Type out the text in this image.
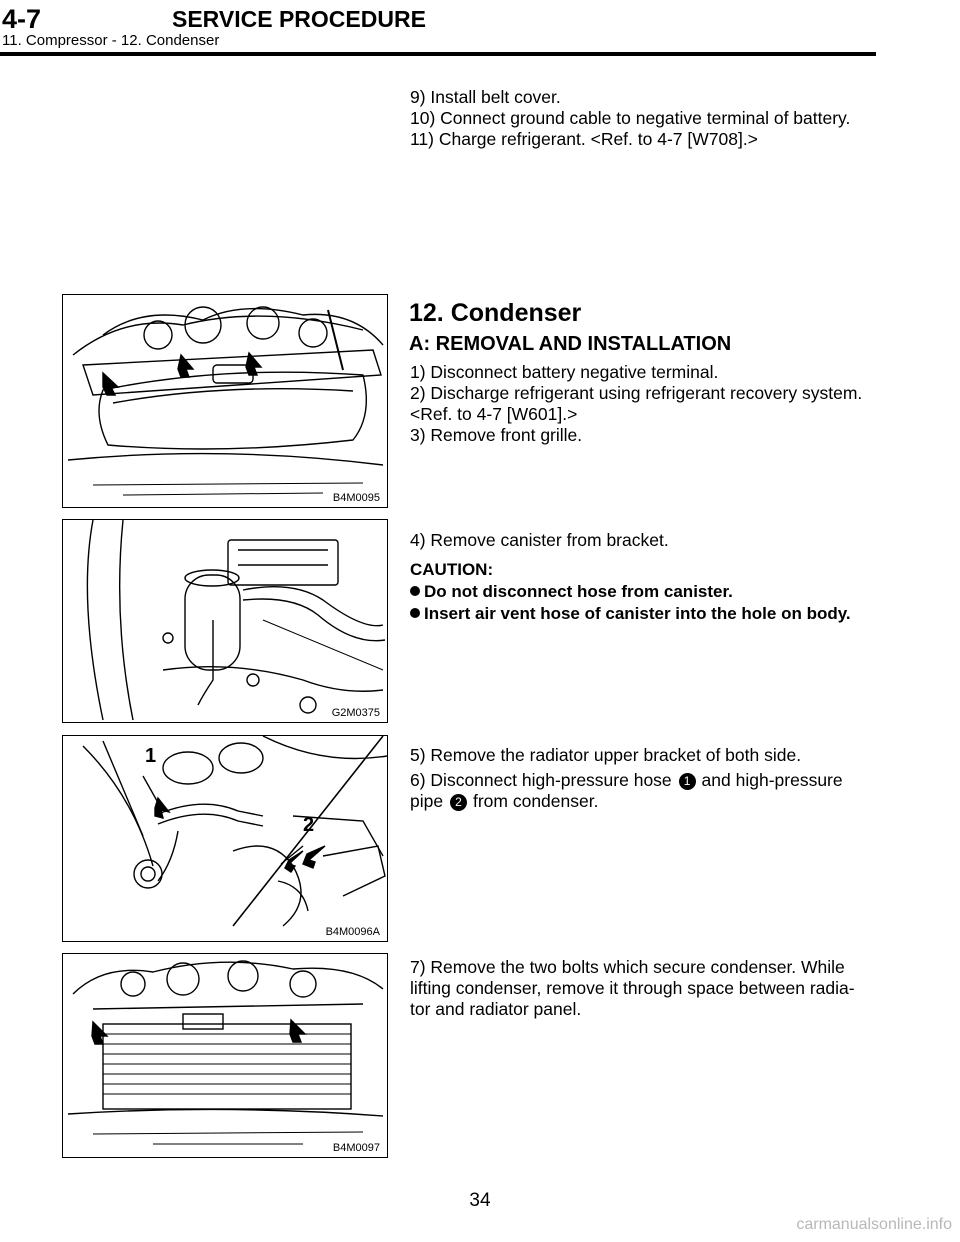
4-7	SERVICE PROCEDURE
11. Compressor - 12. Condenser

9) Install belt cover.

10) Connect ground cable to negative terminal of battery.

11) Charge refrigerant. <Ref. to 4-7 [W708].>

12. Condenser
A: REMOVAL AND INSTALLATION

1) Disconnect battery negative terminal.

2) Discharge refrigerant using refrigerant recovery system.

<Ref. to 4-7 [W601].>

3) Remove front grille.

4) Remove canister from bracket.

CAUTION:

Do not disconnect hose from canister.

Insert air vent hose of canister into the hole on body.

5) Remove the radiator upper bracket of both side.

6) Disconnect high-pressure hose 1 and high-pressure

pipe 2 from condenser.

7) Remove the two bolts which secure condenser. While

lifting condenser, remove it through space between radia-

tor and radiator panel.

B4M0095
G2M0375
1
2
B4M0096A
B4M0097
34
carmanualsonline.info
